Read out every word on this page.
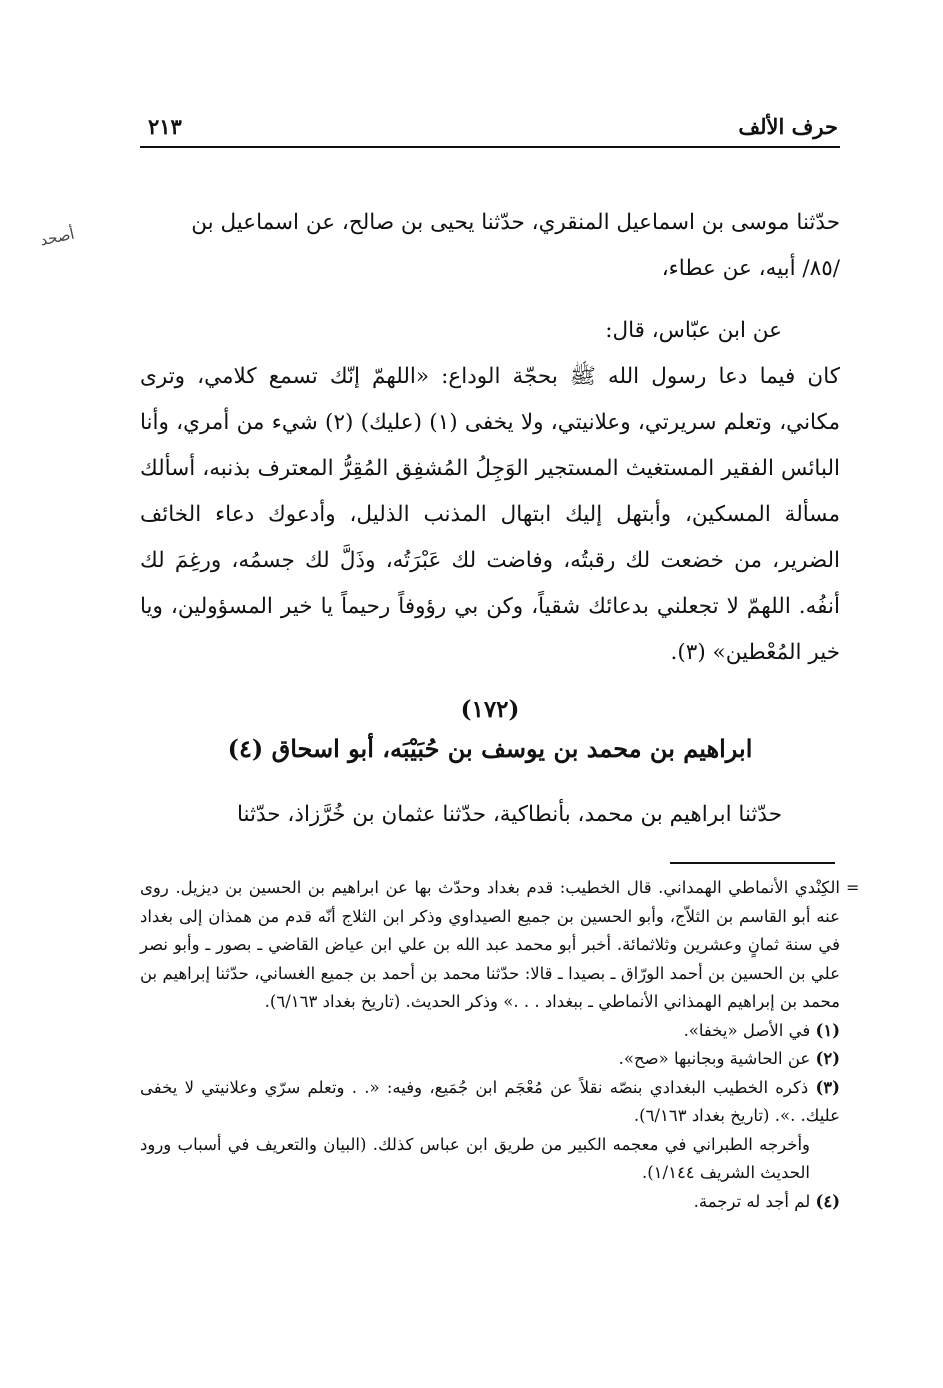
حرف الألف
٢١٣
أصحد

حدّثنا موسى بن اسماعيل المنقري، حدّثنا يحيى بن صالح، عن اسماعيل بن

/٨٥/ أبيه، عن عطاء،

عن ابن عبّاس، قال:

كان فيما دعا رسول الله ﷺ بحجّة الوداع: «اللهمّ إنّك تسمع كلامي، وترى مكاني، وتعلم سريرتي، وعلانيتي، ولا يخفى (١) (عليك) (٢) شيء من أمري، وأنا البائس الفقير المستغيث المستجير الوَجِلُ المُشفِق المُقِرُّ المعترف بذنبه، أسألك مسألة المسكين، وأبتهل إليك ابتهال المذنب الذليل، وأدعوك دعاء الخائف الضرير، من خضعت لك رقبتُه، وفاضت لك عَبْرَتُه، وذَلَّ لك جسمُه، ورغِمَ لك أنفُه. اللهمّ لا تجعلني بدعائك شقياً، وكن بي رؤوفاً رحيماً يا خير المسؤولين، ويا خير المُعْطين» (٣).

(١٧٢)
ابراهيم بن محمد بن يوسف بن حُبَيْبَه، أبو اسحاق (٤)
حدّثنا ابراهيم بن محمد، بأنطاكية، حدّثنا عثمان بن خُرَّزاذ، حدّثنا
=

الكِنْدي الأنماطي الهمداني. قال الخطيب: قدم بغداد وحدّث بها عن ابراهيم بن الحسين بن ديزيل. روى عنه أبو القاسم بن الثلاّج، وأبو الحسين بن جميع الصيداوي وذكر ابن الثلاج أنّه قدم من همذان إلى بغداد في سنة ثمانٍ وعشرين وثلاثمائة. أخبر أبو محمد عبد الله بن علي ابن عياض القاضي ـ بصور ـ وأبو نصر علي بن الحسين بن أحمد الورّاق ـ بصيدا ـ قالا: حدّثنا محمد بن أحمد بن جميع الغساني، حدّثنا إبراهيم بن محمد بن إبراهيم الهمذاني الأنماطي ـ ببغداد . . .» وذكر الحديث. (تاريخ بغداد ٦/١٦٣).

(١) في الأصل «يخفا».

(٢) عن الحاشية وبجانبها «صح».

(٣) ذكره الخطيب البغدادي بنصّه نقلاً عن مُعْجَم ابن جُمَيع، وفيه: «. . وتعلم سرّي وعلانيتي لا يخفى عليك. .». (تاريخ بغداد ٦/١٦٣).

وأخرجه الطبراني في معجمه الكبير من طريق ابن عباس كذلك. (البيان والتعريف في أسباب ورود الحديث الشريف ١/١٤٤).

(٤) لم أجد له ترجمة.
